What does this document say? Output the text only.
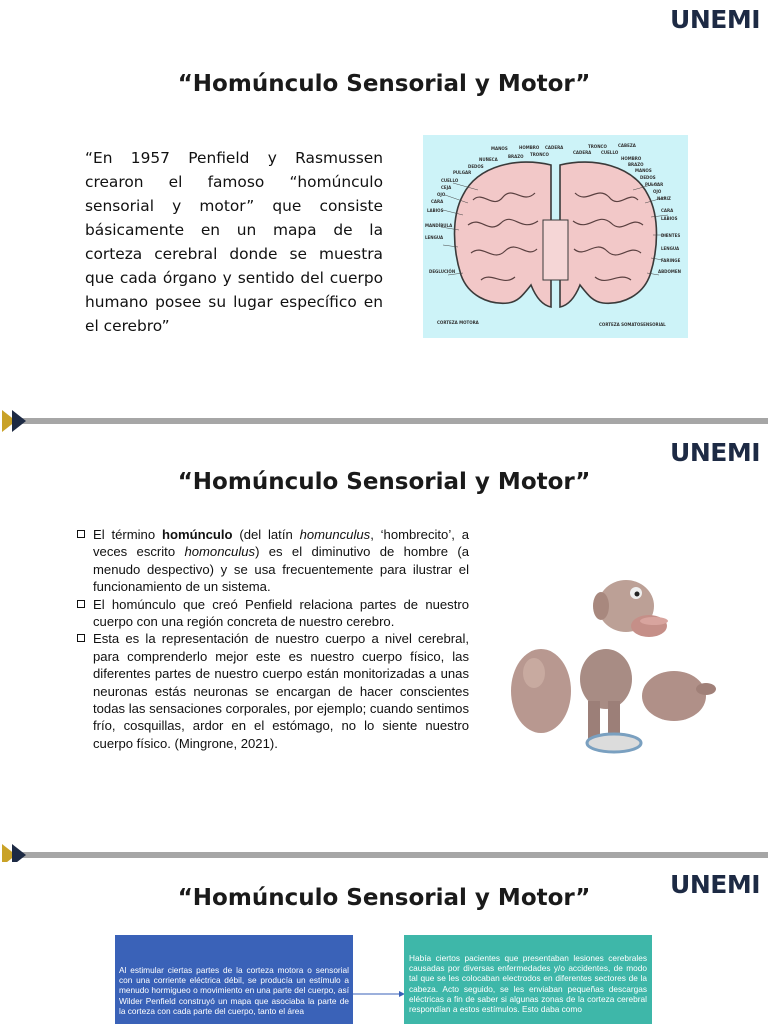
UNEMI
“Homúnculo Sensorial y Motor”
“En 1957 Penfield y Rasmussen crearon el famoso “homúnculo sensorial y motor” que consiste básicamente en un mapa de la corteza cerebral donde se muestra que cada órgano y sentido del cuerpo humano posee su lugar específico en el cerebro”
MANOS	HOMBRO CADERA
NUÑECA
BRAZO TRONCO
DEDOS
PULGAR
CUELLO
CEJA
OJO
CARA
LABIOS
MANDÍBULA
LENGUA
DEGLUCIÓN
TRONCO	CABEZA
CADERA CUELLO
HOMBRO
BRAZO
MANOS
DEDOS
PULGAR
OJO
NARIZ
CARA
LABIOS
DIENTES
LENGUA
FARINGE
ABDOMEN
CORTEZA MOTORA	CORTEZA SOMATOSENSORIAL
UNEMI
“Homúnculo Sensorial y Motor”
El término homúnculo (del latín homunculus, ‘hombrecito’, a veces escrito homonculus) es el diminutivo de hombre (a menudo despectivo) y se usa frecuentemente para ilustrar el funcionamiento de un sistema.
El homúnculo que creó Penfield relaciona partes de nuestro cuerpo con una región concreta de nuestro cerebro.
Esta es la representación de nuestro cuerpo a nivel cerebral, para comprenderlo mejor este es nuestro cuerpo físico, las diferentes partes de nuestro cuerpo están monitorizadas a unas neuronas estás neuronas se encargan de hacer conscientes todas las sensaciones corporales, por ejemplo; cuando sentimos frío, cosquillas, ardor en el estómago, no lo siente nuestro cuerpo físico. (Mingrone, 2021).
UNEMI
“Homúnculo Sensorial y Motor”
Al estimular ciertas partes de la corteza motora o sensorial con una corriente eléctrica débil, se producía un estímulo a menudo hormigueo o movimiento en una parte del cuerpo, así Wilder Penfield construyó un mapa que asociaba la parte de la corteza con cada parte del cuerpo, tanto el área
Había ciertos pacientes que presentaban lesiones cerebrales causadas por diversas enfermedades y/o accidentes, de modo tal que se les colocaban electrodos en diferentes sectores de la cabeza. Acto seguido, se les enviaban pequeñas descargas eléctricas a fin de saber si algunas zonas de la corteza cerebral respondían a estos estímulos. Esto daba como
